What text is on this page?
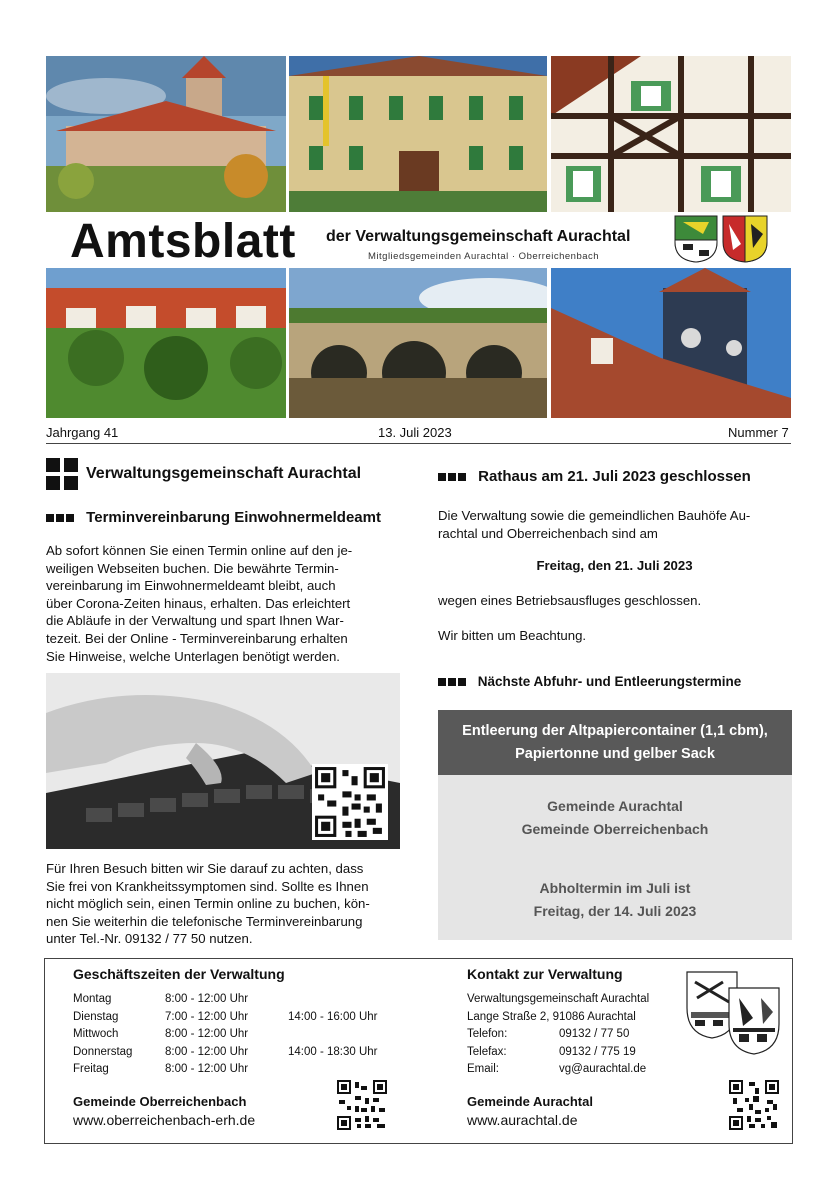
Amtsblatt der Verwaltungsgemeinschaft Aurachtal
Mitgliedsgemeinden Aurachtal · Oberreichenbach
Jahrgang 41	13. Juli 2023	Nummer 7
Verwaltungsgemeinschaft Aurachtal
Terminvereinbarung Einwohnermeldeamt
Ab sofort können Sie einen Termin online auf den je-
weiligen Webseiten buchen. Die bewährte Termin-
vereinbarung im Einwohnermeldeamt bleibt, auch
über Corona-Zeiten hinaus, erhalten. Das erleichtert
die Abläufe in der Verwaltung und spart Ihnen War-
tezeit. Bei der Online - Terminvereinbarung erhalten
Sie Hinweise, welche Unterlagen benötigt werden.
Für Ihren Besuch bitten wir Sie darauf zu achten, dass
Sie frei von Krankheitssymptomen sind. Sollte es Ihnen
nicht möglich sein, einen Termin online zu buchen, kön-
nen Sie weiterhin die telefonische Terminvereinbarung
unter Tel.-Nr. 09132 / 77 50 nutzen.
Rathaus am 21. Juli 2023 geschlossen
Die Verwaltung sowie die gemeindlichen Bauhöfe Au-
rachtal und Oberreichenbach sind am
Freitag, den 21. Juli 2023
wegen eines Betriebsausfluges geschlossen.
Wir bitten um Beachtung.
Nächste Abfuhr- und Entleerungstermine
Entleerung der Altpapiercontainer (1,1 cbm),
Papiertonne und gelber Sack
Gemeinde Aurachtal
Gemeinde Oberreichenbach
Abholtermin im Juli ist
Freitag, der 14. Juli 2023
Geschäftszeiten der Verwaltung
Montag	8:00 - 12:00 Uhr
Dienstag	7:00 - 12:00 Uhr	14:00 - 16:00 Uhr
Mittwoch	8:00 - 12:00 Uhr
Donnerstag	8:00 - 12:00 Uhr	14:00 - 18:30 Uhr
Freitag	8:00 - 12:00 Uhr
Gemeinde Oberreichenbach
www.oberreichenbach-erh.de
Kontakt zur Verwaltung
Verwaltungsgemeinschaft Aurachtal
Lange Straße 2, 91086 Aurachtal
Telefon:	09132 / 77 50
Telefax:	09132 / 775 19
Email:	vg@aurachtal.de
Gemeinde Aurachtal
www.aurachtal.de
